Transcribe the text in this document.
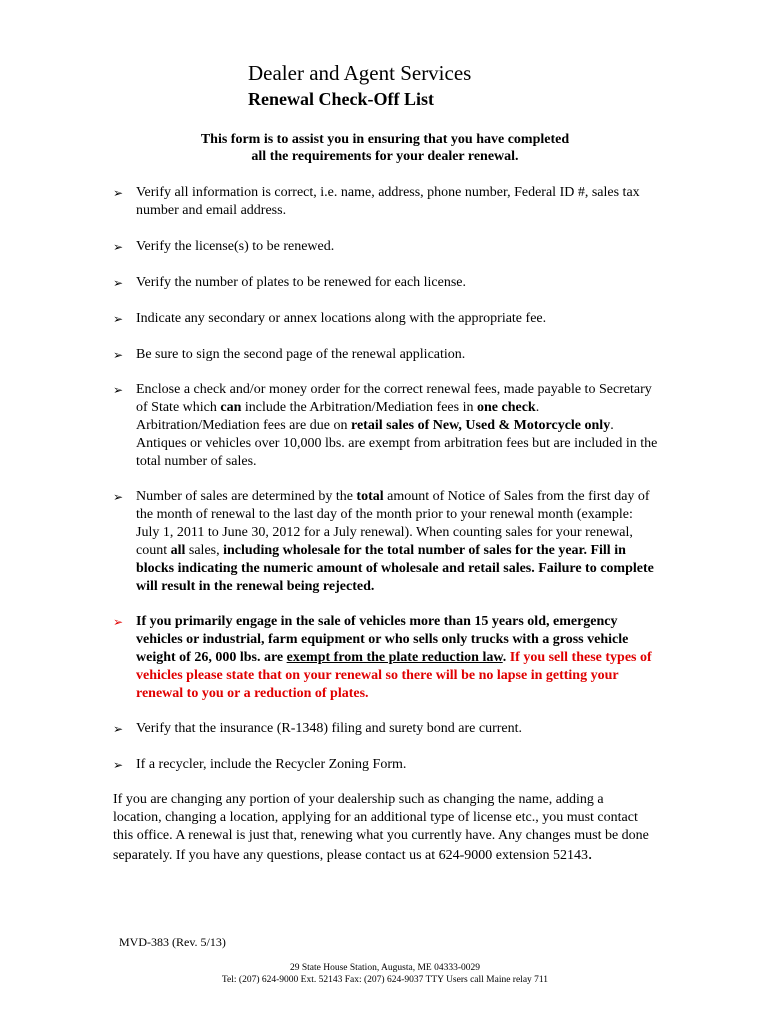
Dealer and Agent Services
Renewal Check-Off List
This form is to assist you in ensuring that you have completed
all the requirements for your dealer renewal.
➢ Verify all information is correct, i.e. name, address, phone number, Federal ID #, sales tax number and email address.
➢ Verify the license(s) to be renewed.
➢ Verify the number of plates to be renewed for each license.
➢ Indicate any secondary or annex locations along with the appropriate fee.
➢ Be sure to sign the second page of the renewal application.
➢ Enclose a check and/or money order for the correct renewal fees, made payable to Secretary of State which can include the Arbitration/Mediation fees in one check. Arbitration/Mediation fees are due on retail sales of New, Used & Motorcycle only. Antiques or vehicles over 10,000 lbs. are exempt from arbitration fees but are included in the total number of sales.
➢ Number of sales are determined by the total amount of Notice of Sales from the first day of the month of renewal to the last day of the month prior to your renewal month (example: July 1, 2011 to June 30, 2012 for a July renewal). When counting sales for your renewal, count all sales, including wholesale for the total number of sales for the year. Fill in blocks indicating the numeric amount of wholesale and retail sales. Failure to complete will result in the renewal being rejected.
➢ If you primarily engage in the sale of vehicles more than 15 years old, emergency vehicles or industrial, farm equipment or who sells only trucks with a gross vehicle weight of 26, 000 lbs. are exempt from the plate reduction law. If you sell these types of vehicles please state that on your renewal so there will be no lapse in getting your renewal to you or a reduction of plates.
➢ Verify that the insurance (R-1348) filing and surety bond are current.
➢ If a recycler, include the Recycler Zoning Form.
If you are changing any portion of your dealership such as changing the name, adding a location, changing a location, applying for an additional type of license etc., you must contact this office. A renewal is just that, renewing what you currently have. Any changes must be done separately. If you have any questions, please contact us at 624-9000 extension 52143.
MVD-383 (Rev. 5/13)
29 State House Station, Augusta, ME 04333-0029
Tel: (207) 624-9000 Ext. 52143 Fax: (207) 624-9037 TTY Users call Maine relay 711
